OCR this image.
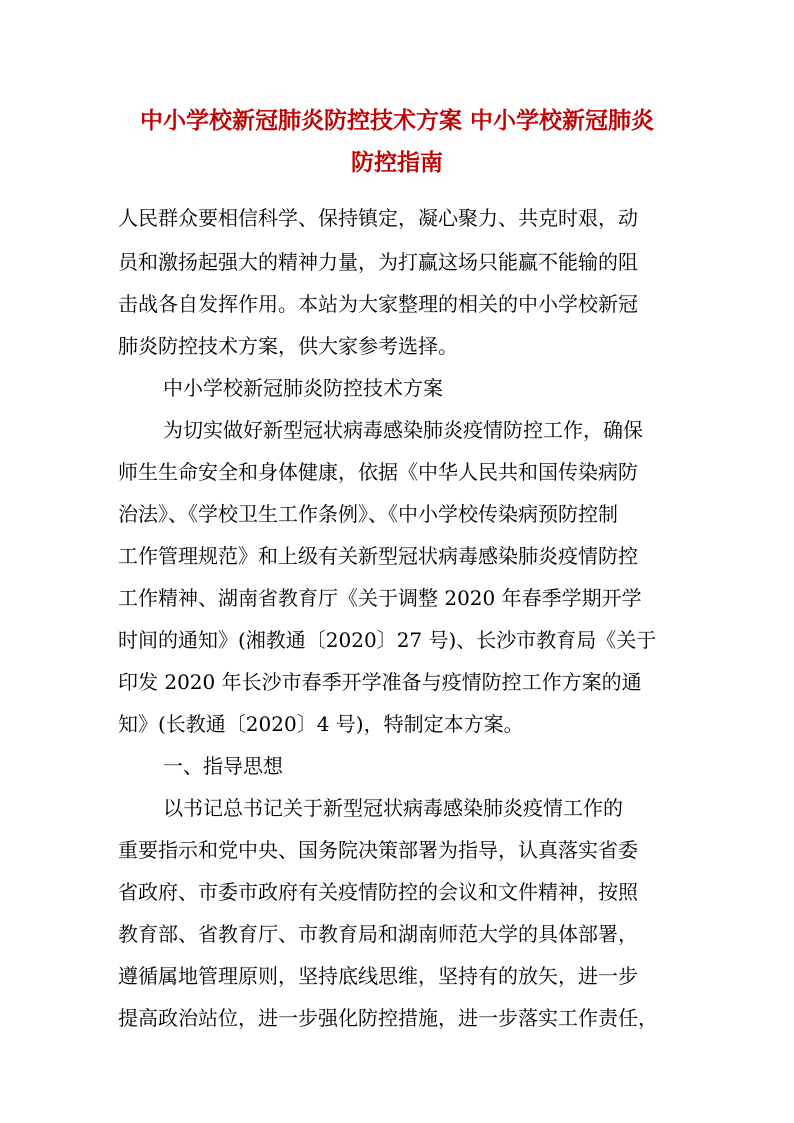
中小学校新冠肺炎防控技术方案 中小学校新冠肺炎

防控指南

人民群众要相信科学、保持镇定，凝心聚力、共克时艰，动

员和激扬起强大的精神力量，为打赢这场只能赢不能输的阻

击战各自发挥作用。本站为大家整理的相关的中小学校新冠

肺炎防控技术方案，供大家参考选择。

中小学校新冠肺炎防控技术方案

为切实做好新型冠状病毒感染肺炎疫情防控工作，确保

师生生命安全和身体健康，依据《中华人民共和国传染病防

治法》、《学校卫生工作条例》、《中小学校传染病预防控制

工作管理规范》和上级有关新型冠状病毒感染肺炎疫情防控

工作精神、湖南省教育厅《关于调整 2020 年春季学期开学

时间的通知》(湘教通〔2020〕27 号)、长沙市教育局《关于

印发 2020 年长沙市春季开学准备与疫情防控工作方案的通

知》(长教通〔2020〕4 号)，特制定本方案。

一、指导思想

以书记总书记关于新型冠状病毒感染肺炎疫情工作的

重要指示和党中央、国务院决策部署为指导，认真落实省委

省政府、市委市政府有关疫情防控的会议和文件精神，按照

教育部、省教育厅、市教育局和湖南师范大学的具体部署，

遵循属地管理原则，坚持底线思维，坚持有的放矢，进一步

提高政治站位，进一步强化防控措施，进一步落实工作责任，
